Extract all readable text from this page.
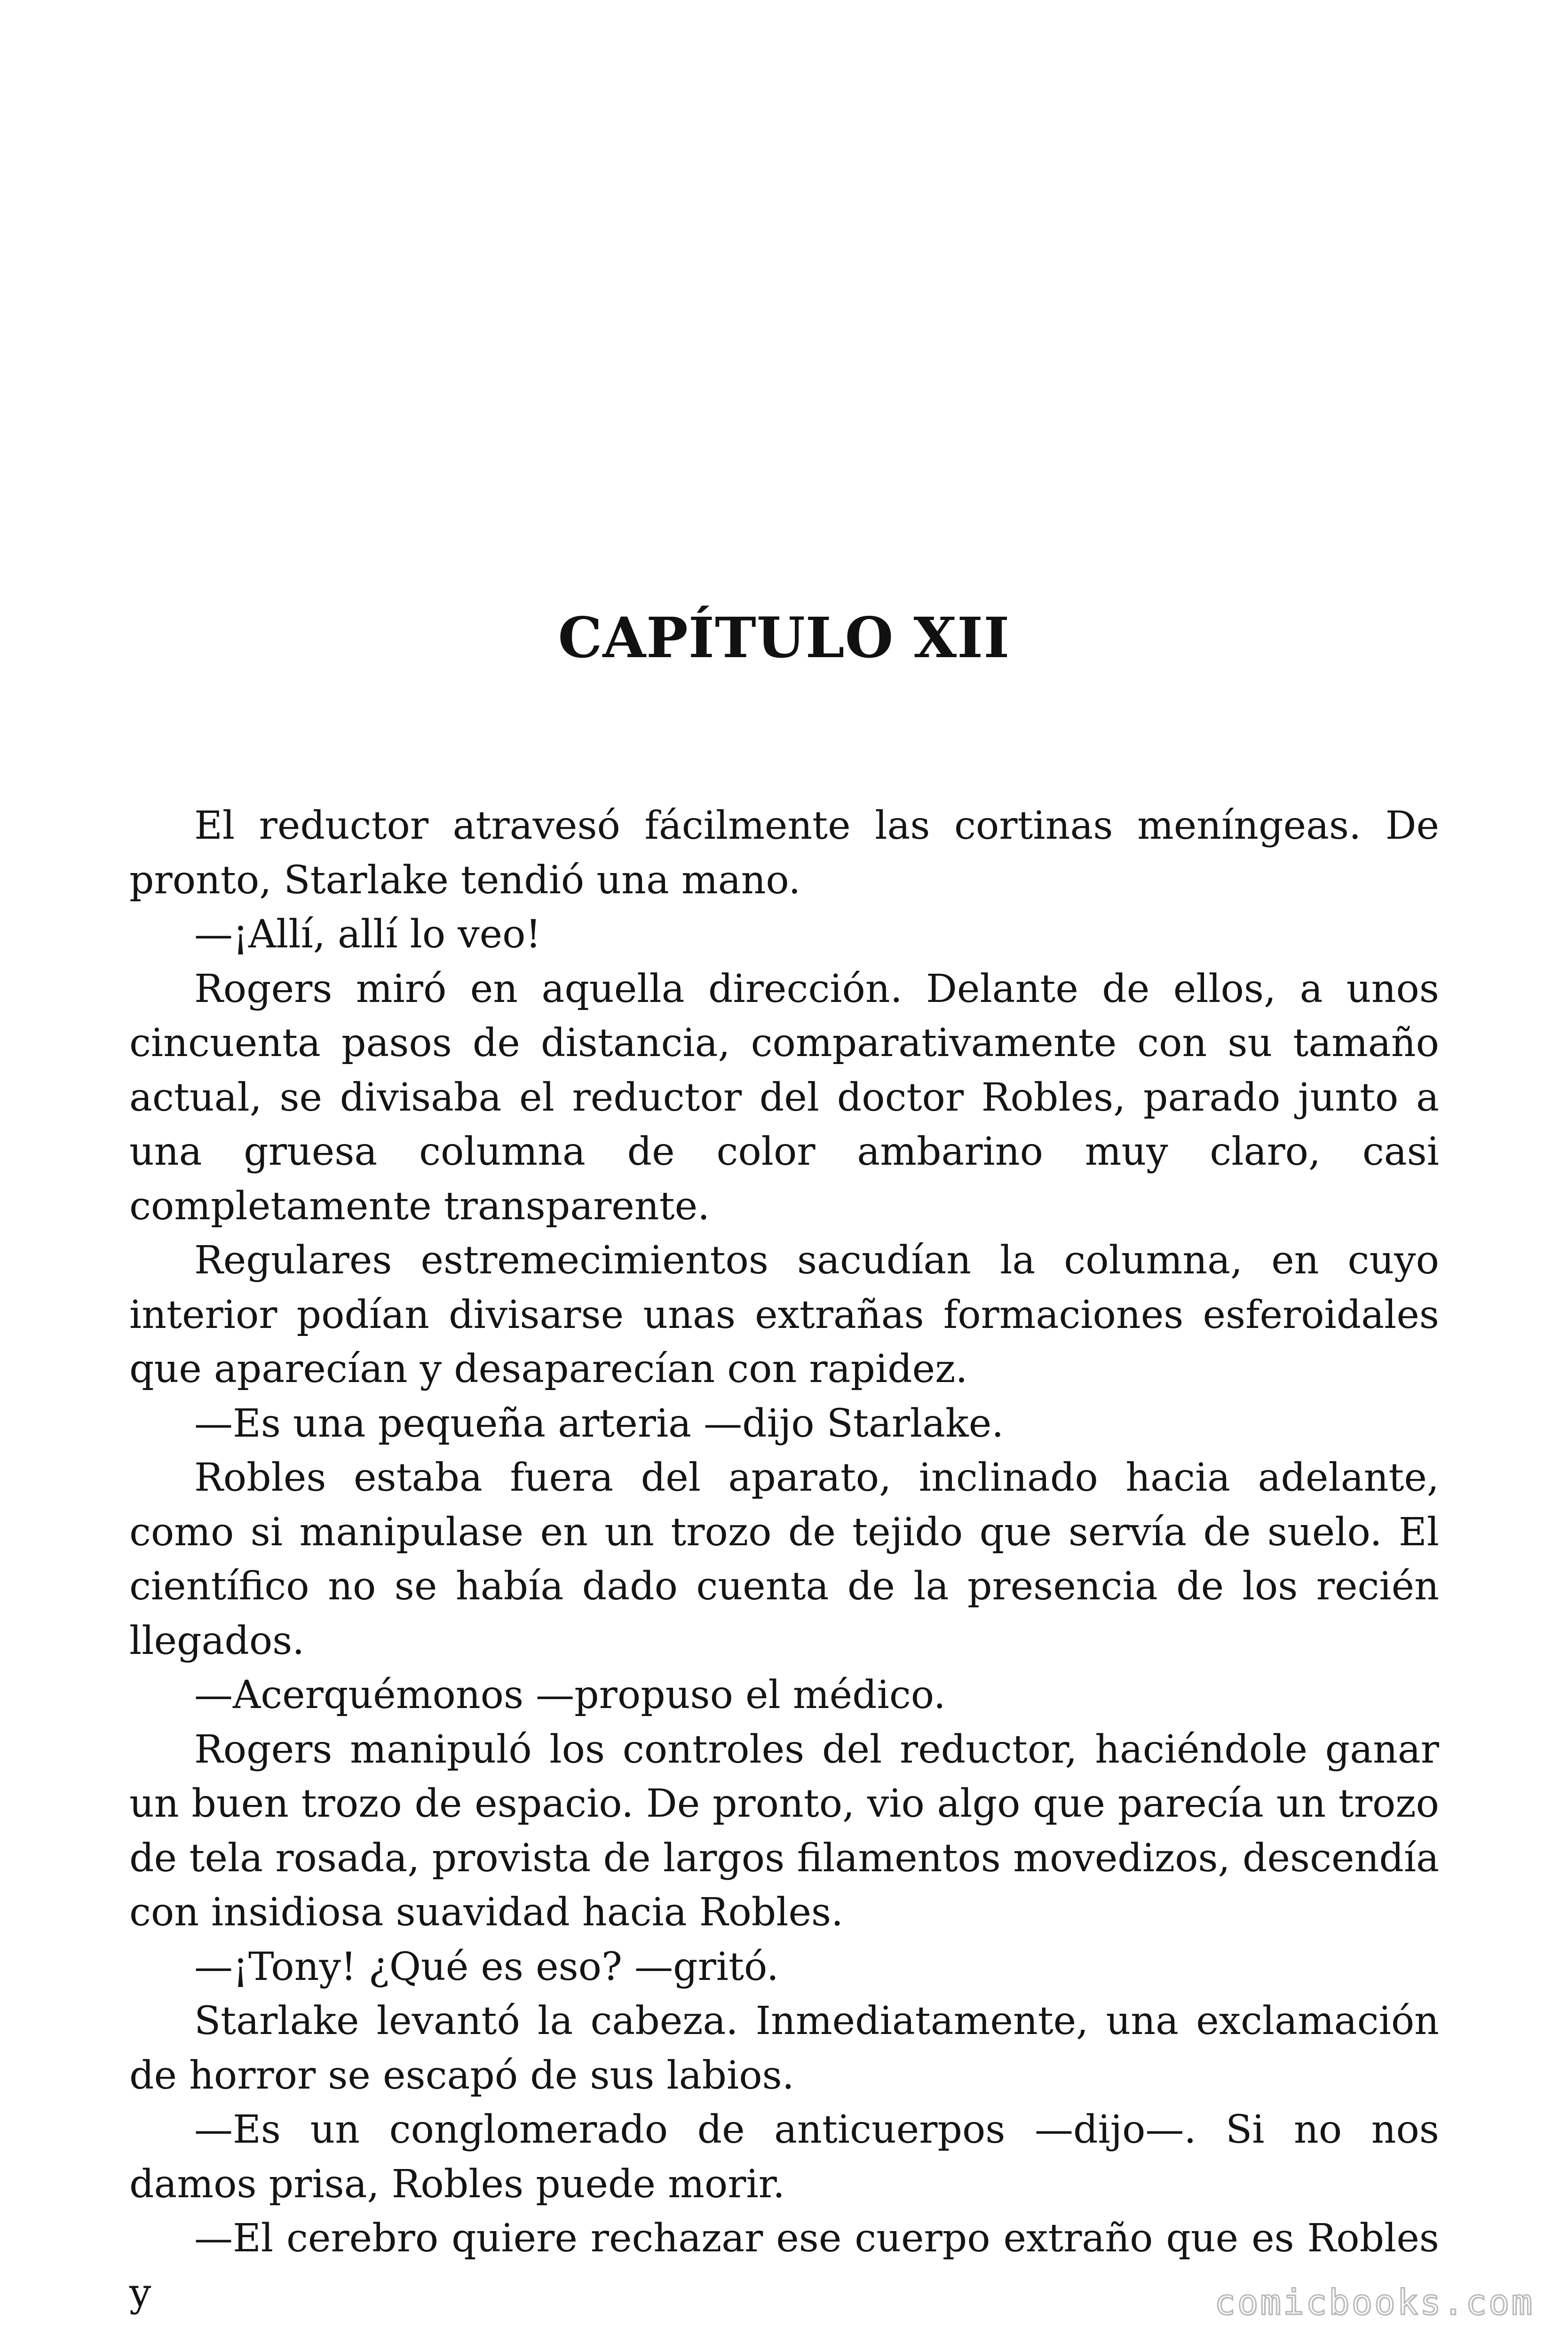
CAPÍTULO XII

El reductor atravesó fácilmente las cortinas meníngeas. De pronto, Starlake tendió una mano.

—¡Allí, allí lo veo!

Rogers miró en aquella dirección. Delante de ellos, a unos cincuenta pasos de distancia, comparativamente con su tamaño actual, se divisaba el reductor del doctor Robles, parado junto a una gruesa columna de color ambarino muy claro, casi completamente transparente.

Regulares estremecimientos sacudían la columna, en cuyo interior podían divisarse unas extrañas formaciones esferoidales que aparecían y desaparecían con rapidez.

—Es una pequeña arteria —dijo Starlake.

Robles estaba fuera del aparato, inclinado hacia adelante, como si manipulase en un trozo de tejido que servía de suelo. El científico no se había dado cuenta de la presencia de los recién llegados.

—Acerquémonos —propuso el médico.

Rogers manipuló los controles del reductor, haciéndole ganar un buen trozo de espacio. De pronto, vio algo que parecía un trozo de tela rosada, provista de largos filamentos movedizos, descendía con insidiosa suavidad hacia Robles.

—¡Tony! ¿Qué es eso? —gritó.

Starlake levantó la cabeza. Inmediatamente, una exclamación de horror se escapó de sus labios.

—Es un conglomerado de anticuerpos —dijo—. Si no nos damos prisa, Robles puede morir.

—El cerebro quiere rechazar ese cuerpo extraño que es Robles y	comicbooks.com
